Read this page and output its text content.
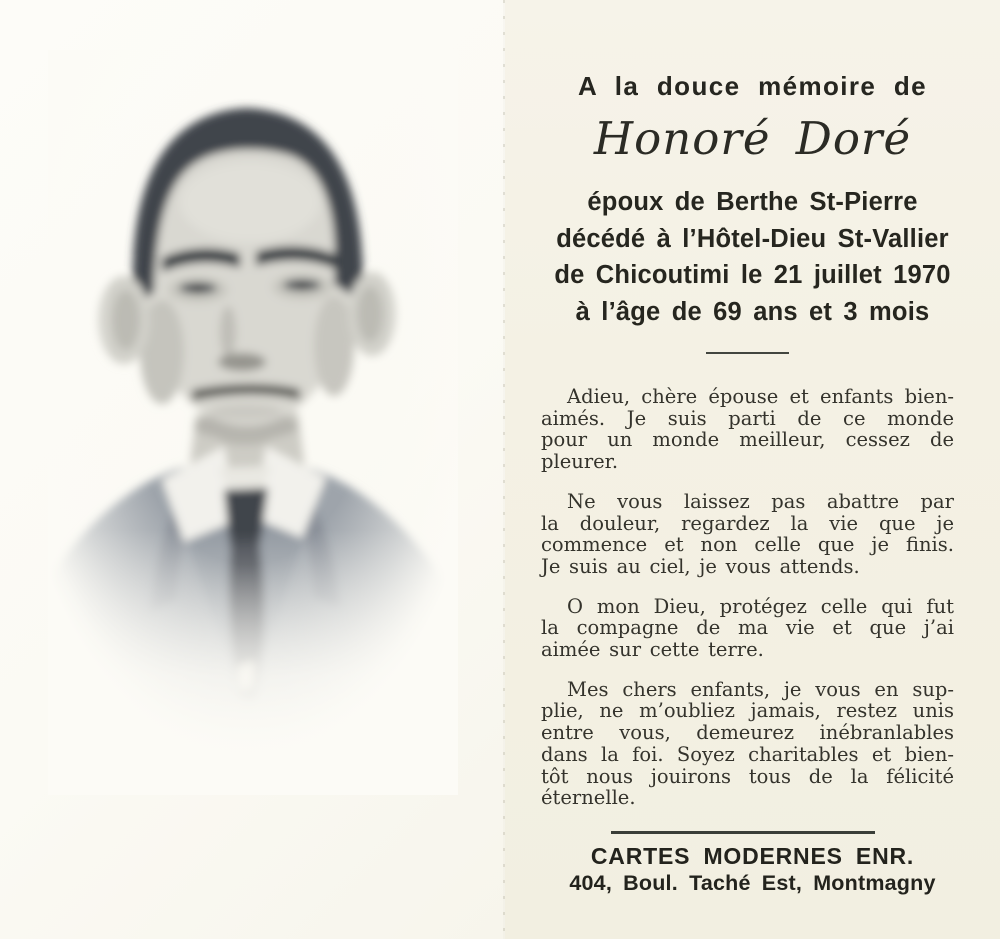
A la douce mémoire de
Honoré Doré
époux de Berthe St-Pierre
décédé à l’Hôtel-Dieu St-Vallier
de Chicoutimi le 21 juillet 1970
à l’âge de 69 ans et 3 mois
Adieu, chère épouse et enfants bien-
aimés. Je suis parti de ce monde
pour un monde meilleur, cessez de
pleurer.
Ne vous laissez pas abattre par
la douleur, regardez la vie que je
commence et non celle que je finis.
Je suis au ciel, je vous attends.
O mon Dieu, protégez celle qui fut
la compagne de ma vie et que j’ai
aimée sur cette terre.
Mes chers enfants, je vous en sup-
plie, ne m’oubliez jamais, restez unis
entre vous, demeurez inébranlables
dans la foi. Soyez charitables et bien-
tôt nous jouirons tous de la félicité
éternelle.
CARTES MODERNES ENR.
404, Boul. Taché Est, Montmagny
